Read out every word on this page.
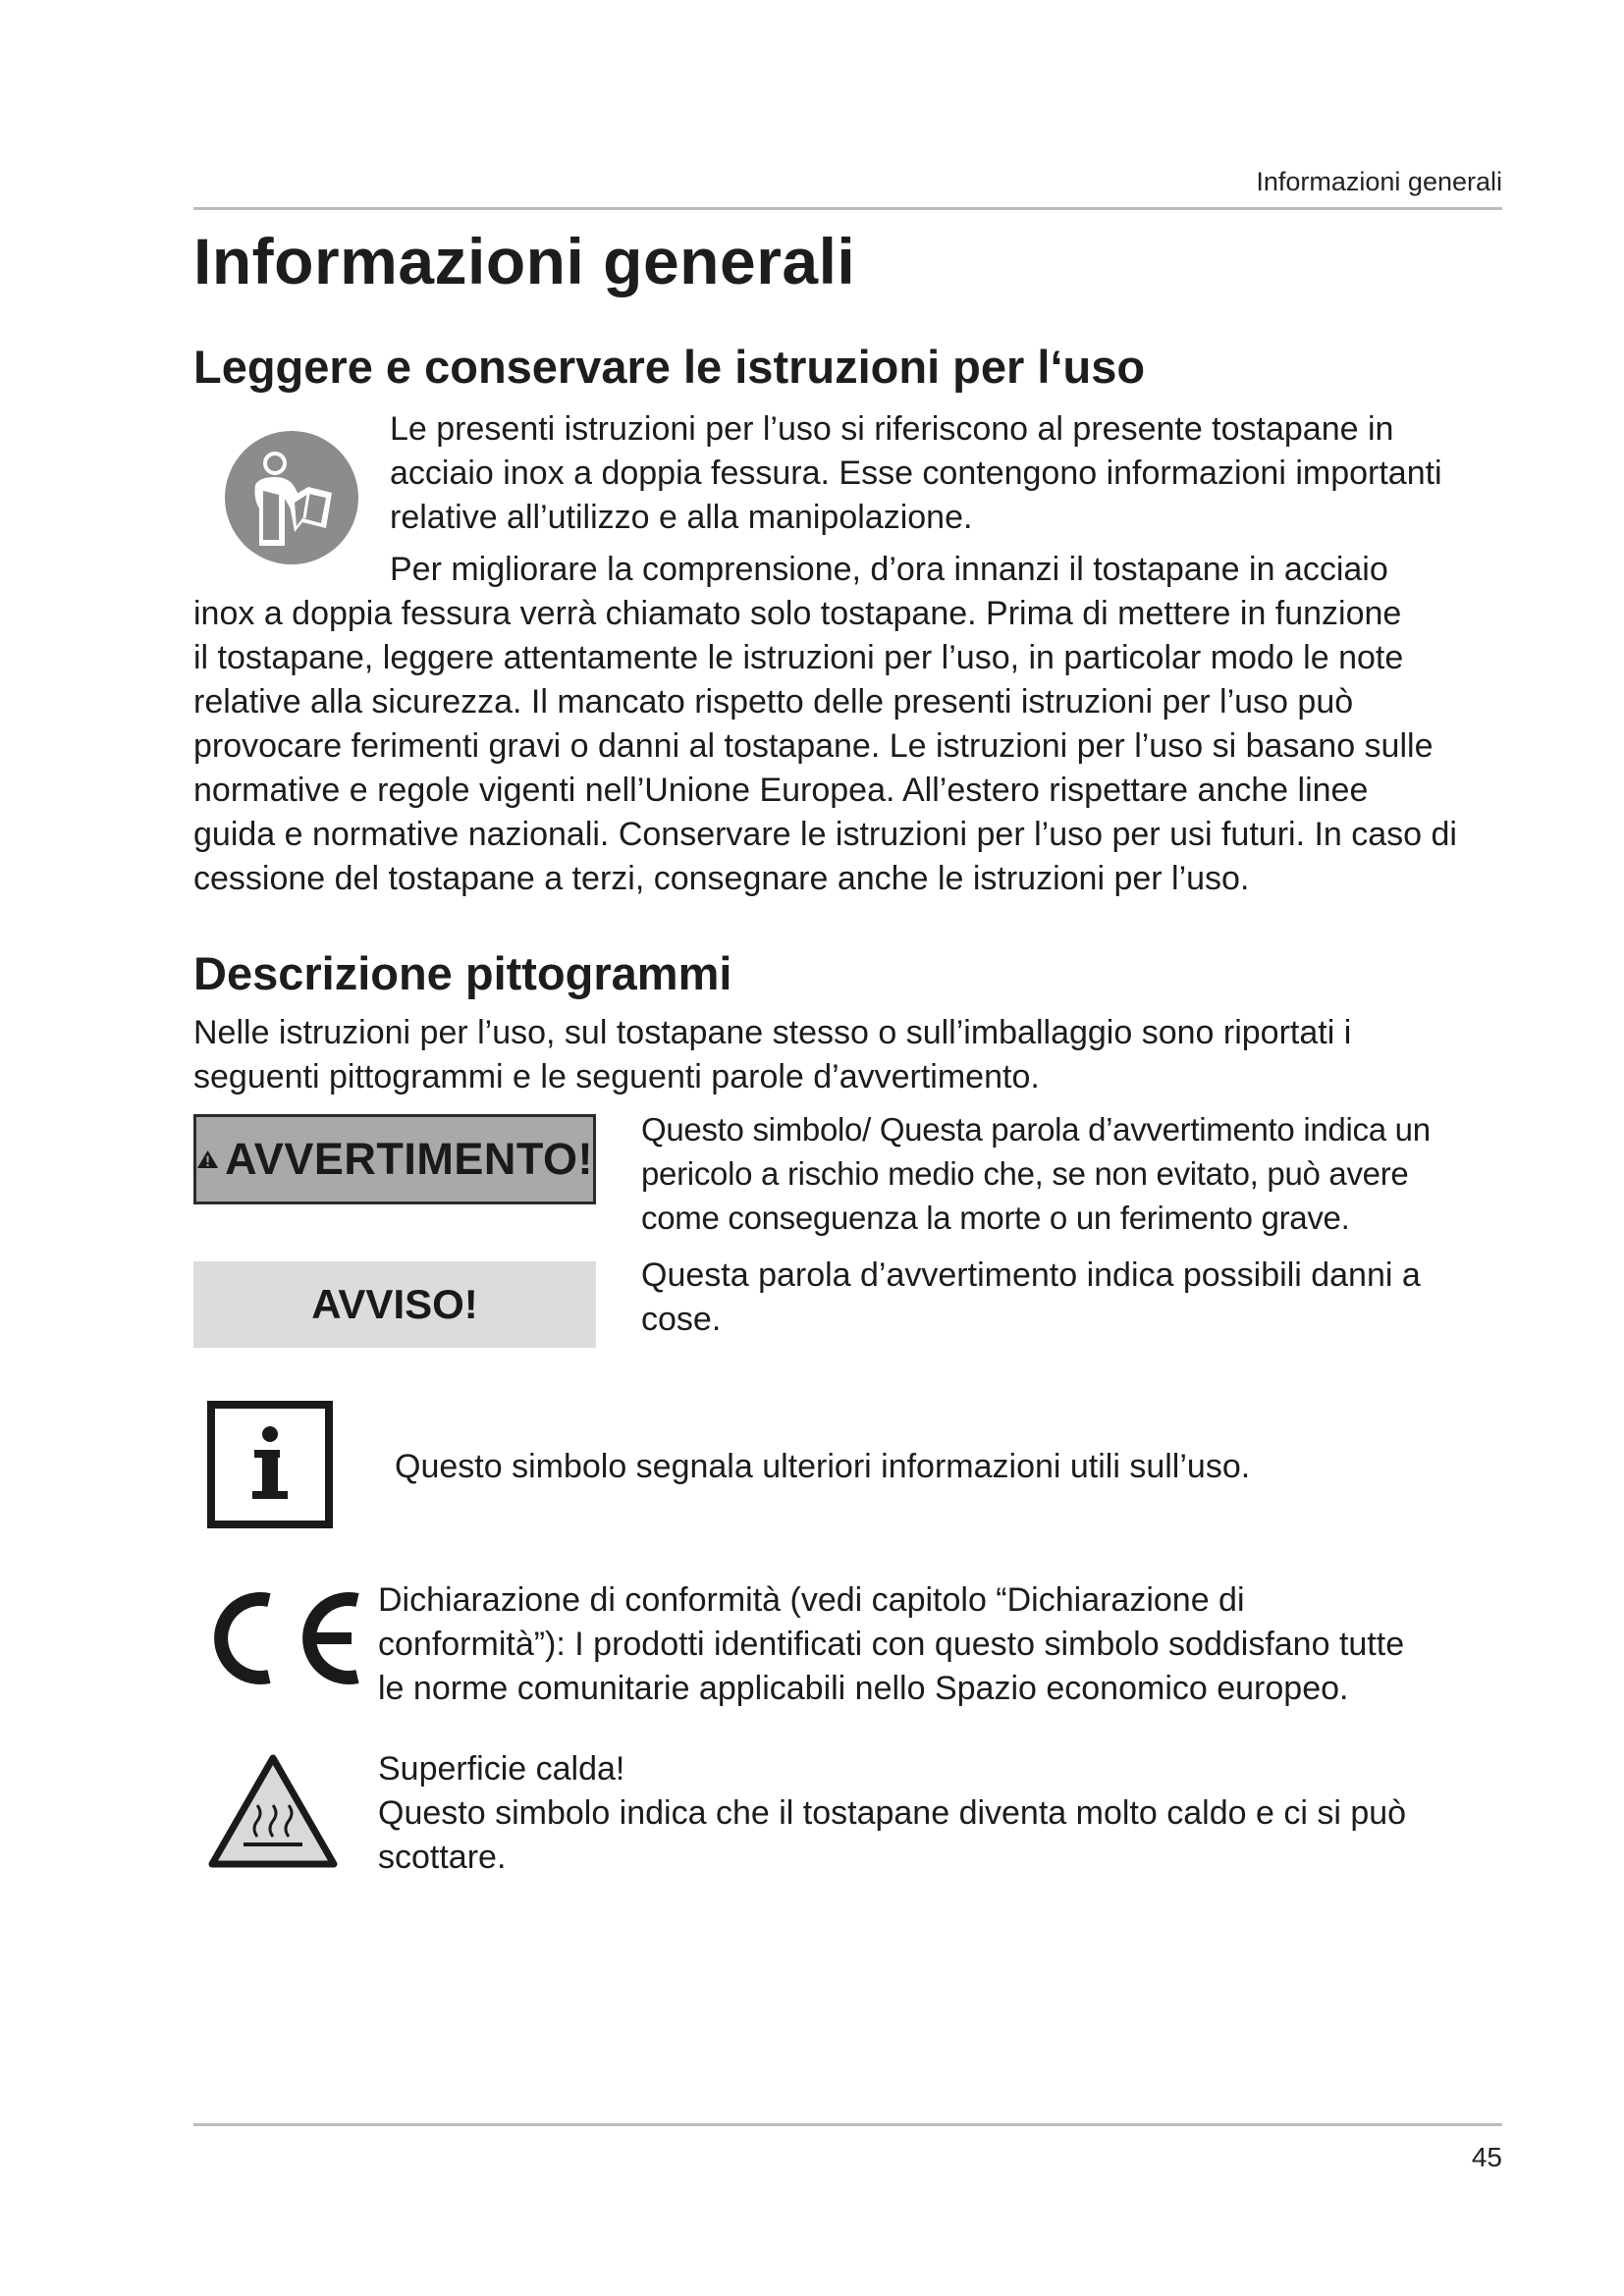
Informazioni generali
Informazioni generali
Leggere e conservare le istruzioni per l‘uso
Le presenti istruzioni per l’uso si riferiscono al presente tostapane in
acciaio inox a doppia fessura. Esse contengono informazioni importanti
relative all’utilizzo e alla manipolazione.
Per migliorare la comprensione, d’ora innanzi il tostapane in acciaio
inox a doppia fessura verrà chiamato solo tostapane. Prima di mettere in funzione
il tostapane, leggere attentamente le istruzioni per l’uso, in particolar modo le note
relative alla sicurezza. Il mancato rispetto delle presenti istruzioni per l’uso può
provocare ferimenti gravi o danni al tostapane. Le istruzioni per l’uso si basano sulle
normative e regole vigenti nell’Unione Europea. All’estero rispettare anche linee
guida e normative nazionali. Conservare le istruzioni per l’uso per usi futuri. In caso di
cessione del tostapane a terzi, consegnare anche le istruzioni per l’uso.
Descrizione pittogrammi
Nelle istruzioni per l’uso, sul tostapane stesso o sull’imballaggio sono riportati i
seguenti pittogrammi e le seguenti parole d’avvertimento.
AVVERTIMENTO!
Questo simbolo/ Questa parola d’avvertimento indica un
pericolo a rischio medio che, se non evitato, può avere
come conseguenza la morte o un ferimento grave.
AVVISO!
Questa parola d’avvertimento indica possibili danni a
cose.
Questo simbolo segnala ulteriori informazioni utili sull’uso.
Dichiarazione di conformità (vedi capitolo “Dichiarazione di
conformità”): I prodotti identificati con questo simbolo soddisfano tutte
le norme comunitarie applicabili nello Spazio economico europeo.
Superficie calda!
Questo simbolo indica che il tostapane diventa molto caldo e ci si può
scottare.
45
